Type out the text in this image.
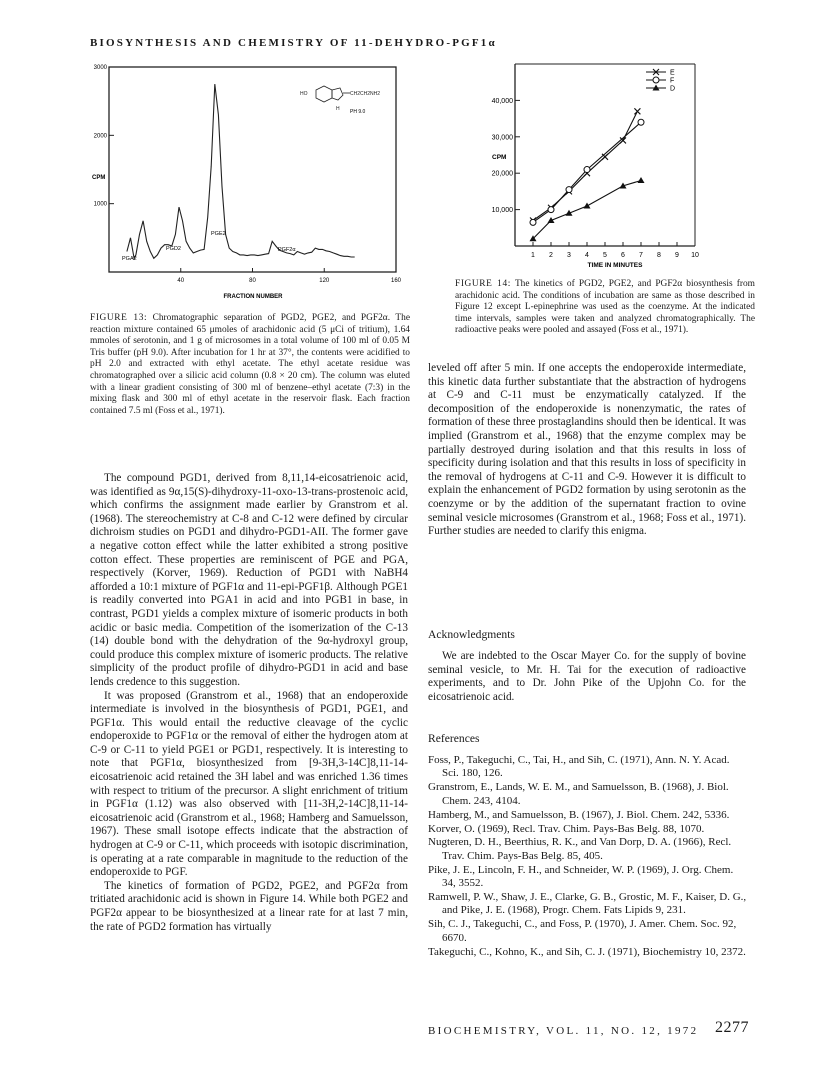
BIOSYNTHESIS AND CHEMISTRY OF 11-DEHYDRO-PGF1α
3000
2000
1000
40	80	120	160
CPM
FRACTION NUMBER
PGA2
PGD2
PGE2
PGF2α
HO	CH2CH2NH2
H PH 9.0
FIGURE 13: Chromatographic separation of PGD2, PGE2, and PGF2α. The reaction mixture contained 65 μmoles of arachidonic acid (5 μCi of tritium), 1.64 mmoles of serotonin, and 1 g of microsomes in a total volume of 100 ml of 0.05 M Tris buffer (pH 9.0). After incubation for 1 hr at 37°, the contents were acidified to pH 2.0 and extracted with ethyl acetate. The ethyl acetate residue was chromatographed over a silicic acid column (0.8 × 20 cm). The column was eluted with a linear gradient consisting of 300 ml of benzene–ethyl acetate (7:3) in the mixing flask and 300 ml of ethyl acetate in the reservoir flask. Each fraction contained 7.5 ml (Foss et al., 1971).
40,000
30,000
20,000
10,000
1 2 3 4 5 6 7 8 9 10
CPM
TIME IN MINUTES
E
F
D
FIGURE 14: The kinetics of PGD2, PGE2, and PGF2α biosynthesis from arachidonic acid. The conditions of incubation are same as those described in Figure 12 except L-epinephrine was used as the coenzyme. At the indicated time intervals, samples were taken and analyzed chromatographically. The radioactive peaks were pooled and assayed (Foss et al., 1971).

The compound PGD1, derived from 8,11,14-eicosatrienoic acid, was identified as 9α,15(S)-dihydroxy-11-oxo-13-trans-prostenoic acid, which confirms the assignment made earlier by Granstrom et al. (1968). The stereochemistry at C-8 and C-12 were defined by circular dichroism studies on PGD1 and dihydro-PGD1-AII. The former gave a negative cotton effect while the latter exhibited a strong positive cotton effect. These properties are reminiscent of PGE and PGA, respectively (Korver, 1969). Reduction of PGD1 with NaBH4 afforded a 10:1 mixture of PGF1α and 11-epi-PGF1β. Although PGE1 is readily converted into PGA1 in acid and into PGB1 in base, in contrast, PGD1 yields a complex mixture of isomeric products in both acidic or basic media. Competition of the isomerization of the C-13 (14) double bond with the dehydration of the 9α-hydroxyl group, could produce this complex mixture of isomeric products. The relative simplicity of the product profile of dihydro-PGD1 in acid and base lends credence to this suggestion.

It was proposed (Granstrom et al., 1968) that an endoperoxide intermediate is involved in the biosynthesis of PGD1, PGE1, and PGF1α. This would entail the reductive cleavage of the cyclic endoperoxide to PGF1α or the removal of either the hydrogen atom at C-9 or C-11 to yield PGE1 or PGD1, respectively. It is interesting to note that PGF1α, biosynthesized from [9-3H,3-14C]8,11-14-eicosatrienoic acid retained the 3H label and was enriched 1.36 times with respect to tritium of the precursor. A slight enrichment of tritium in PGF1α (1.12) was also observed with [11-3H,2-14C]8,11-14-eicosatrienoic acid (Granstrom et al., 1968; Hamberg and Samuelsson, 1967). These small isotope effects indicate that the abstraction of hydrogen at C-9 or C-11, which proceeds with isotopic discrimination, is operating at a rate comparable in magnitude to the reduction of the endoperoxide to PGF.

The kinetics of formation of PGD2, PGE2, and PGF2α from tritiated arachidonic acid is shown in Figure 14. While both PGE2 and PGF2α appear to be biosynthesized at a linear rate for at last 7 min, the rate of PGD2 formation has virtually

leveled off after 5 min. If one accepts the endoperoxide intermediate, this kinetic data further substantiate that the abstraction of hydrogens at C-9 and C-11 must be enzymatically catalyzed. If the decomposition of the endoperoxide is nonenzymatic, the rates of formation of these three prostaglandins should then be identical. It was implied (Granstrom et al., 1968) that the enzyme complex may be partially destroyed during isolation and that this results in loss of specificity during isolation and that this results in loss of specificity in the removal of hydrogens at C-11 and C-9. However it is difficult to explain the enhancement of PGD2 formation by using serotonin as the coenzyme or by the addition of the supernatant fraction to ovine seminal vesicle microsomes (Granstrom et al., 1968; Foss et al., 1971). Further studies are needed to clarify this enigma.

Acknowledgments

We are indebted to the Oscar Mayer Co. for the supply of bovine seminal vesicle, to Mr. H. Tai for the execution of radioactive experiments, and to Dr. John Pike of the Upjohn Co. for the eicosatrienoic acid.

References

Foss, P., Takeguchi, C., Tai, H., and Sih, C. (1971), Ann. N. Y. Acad. Sci. 180, 126.

Granstrom, E., Lands, W. E. M., and Samuelsson, B. (1968), J. Biol. Chem. 243, 4104.

Hamberg, M., and Samuelsson, B. (1967), J. Biol. Chem. 242, 5336.

Korver, O. (1969), Recl. Trav. Chim. Pays-Bas Belg. 88, 1070.

Nugteren, D. H., Beerthius, R. K., and Van Dorp, D. A. (1966), Recl. Trav. Chim. Pays-Bas Belg. 85, 405.

Pike, J. E., Lincoln, F. H., and Schneider, W. P. (1969), J. Org. Chem. 34, 3552.

Ramwell, P. W., Shaw, J. E., Clarke, G. B., Grostic, M. F., Kaiser, D. G., and Pike, J. E. (1968), Progr. Chem. Fats Lipids 9, 231.

Sih, C. J., Takeguchi, C., and Foss, P. (1970), J. Amer. Chem. Soc. 92, 6670.

Takeguchi, C., Kohno, K., and Sih, C. J. (1971), Biochemistry 10, 2372.

BIOCHEMISTRY, VOL. 11, NO. 12, 1972 2277
